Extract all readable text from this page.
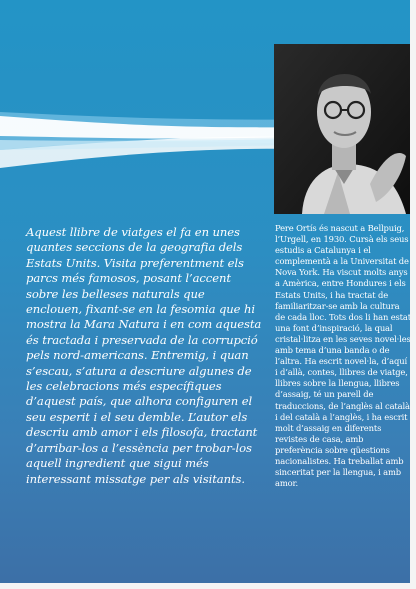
Aquest llibre de viatges el fa en unes quantes seccions de la geografia dels Estats Units. Visita preferentment els parcs més famosos, posant l’accent sobre les belleses naturals que enclouen, fixant-se en la fesomia que hi mostra la Mara Natura i en com aquesta és tractada i preservada de la corrupció pels nord-americans. Entremig, i quan s’escau, s’atura a descriure algunes de les celebracions més específiques d’aquest país, que alhora configuren el seu esperit i el seu demble. L’autor els descriu amb amor i els filosofa, tractant d’arribar-los a l’essència per trobar-los aquell ingredient que sigui més interessant missatge per als visitants.

Pere Ortís és nascut a Bellpuig, l’Urgell, en 1930. Cursà els seus estudis a Catalunya i el complementà a la Universitat de Nova York. Ha viscut molts anys a Amèrica, entre Hondures i els Estats Units, i ha tractat de familiaritzar-se amb la cultura de cada lloc. Tots dos li han estat una font d’inspiració, la qual cristal·litza en les seves novel·les amb tema d’una banda o de l’altra. Ha escrit novel·la, d’aquí i d’allà, contes, llibres de viatge, llibres sobre la llengua, llibres d’assaig, té un parell de traduccions, de l’anglès al català i del català a l’anglès, i ha escrit molt d’assaig en diferents revistes de casa, amb preferència sobre qüestions nacionalistes. Ha treballat amb sinceritat per la llengua, i amb amor.
